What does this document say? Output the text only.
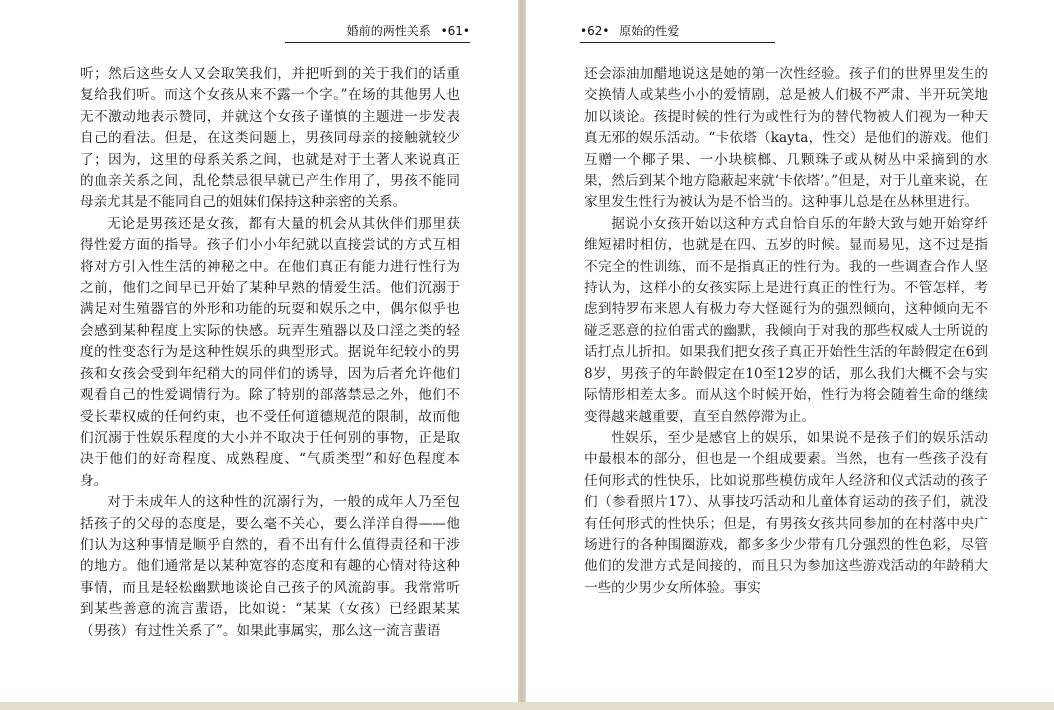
婚前的两性关系 •61•

听；然后这些女人又会取笑我们，并把听到的关于我们的话重复给我们听。而这个女孩从来不露一个字。”在场的其他男人也无不激动地表示赞同，并就这个女孩子谨慎的主题进一步发表自己的看法。但是，在这类问题上，男孩同母亲的接触就较少了；因为，这里的母系关系之间，也就是对于土著人来说真正的血亲关系之间，乱伦禁忌很早就已产生作用了，男孩不能同母亲尤其是不能同自己的姐妹们保持这种亲密的关系。

无论是男孩还是女孩，都有大量的机会从其伙伴们那里获得性爱方面的指导。孩子们小小年纪就以直接尝试的方式互相将对方引入性生活的神秘之中。在他们真正有能力进行性行为之前，他们之间早已开始了某种早熟的情爱生活。他们沉溺于满足对生殖器官的外形和功能的玩耍和娱乐之中，偶尔似乎也会感到某种程度上实际的快感。玩弄生殖器以及口淫之类的轻度的性变态行为是这种性娱乐的典型形式。据说年纪较小的男孩和女孩会受到年纪稍大的同伴们的诱导，因为后者允许他们观看自己的性爱调情行为。除了特别的部落禁忌之外，他们不受长辈权威的任何约束，也不受任何道德规范的限制，故而他们沉溺于性娱乐程度的大小并不取决于任何别的事物，正是取决于他们的好奇程度、成熟程度、“气质类型”和好色程度本身。

对于未成年人的这种性的沉溺行为，一般的成年人乃至包括孩子的父母的态度是，要么毫不关心，要么洋洋自得——他们认为这种事情是顺乎自然的，看不出有什么值得责径和干涉的地方。他们通常是以某种宽容的态度和有趣的心情对待这种事情，而且是轻松幽默地谈论自己孩子的风流韵事。我常常听到某些善意的流言蜚语，比如说：“某某（女孩）已经跟某某（男孩）有过性关系了”。如果此事属实，那么这一流言蜚语

•62• 原始的性爱

还会添油加醋地说这是她的第一次性经验。孩子们的世界里发生的交换情人或某些小小的爱情剧，总是被人们极不严肃、半开玩笑地加以谈论。孩提时候的性行为或性行为的替代物被人们视为一种天真无邪的娱乐活动。“卡依塔（kayta，性交）是他们的游戏。他们互赠一个椰子果、一小块槟榔、几颗珠子或从树丛中采摘到的水果，然后到某个地方隐蔽起来就‘卡依塔’。”但是，对于儿童来说，在家里发生性行为被认为是不恰当的。这种事儿总是在丛林里进行。

据说小女孩开始以这种方式自恰自乐的年龄大致与她开始穿纤维短裙时相仿，也就是在四、五岁的时候。显而易见，这不过是指不完全的性训练，而不是指真正的性行为。我的一些调查合作人坚持认为，这样小的女孩实际上是进行真正的性行为。不管怎样，考虑到特罗布来恩人有极力夸大怪诞行为的强烈倾向，这种倾向无不碰乏恶意的拉伯雷式的幽默，我倾向于对我的那些权威人士所说的话打点儿折扣。如果我们把女孩子真正开始性生活的年龄假定在6到8岁，男孩子的年龄假定在10至12岁的话，那么我们大概不会与实际情形相差太多。而从这个时候开始，性行为将会随着生命的继续变得越来越重要，直至自然停滞为止。

性娱乐，至少是感官上的娱乐，如果说不是孩子们的娱乐活动中最根本的部分，但也是一个组成要素。当然，也有一些孩子没有任何形式的性快乐，比如说那些模仿成年人经济和仪式活动的孩子们（参看照片17）、从事技巧活动和儿童体育运动的孩子们，就没有任何形式的性快乐；但是，有男孩女孩共同参加的在村落中央广场进行的各种围圈游戏，都多多少少带有几分强烈的性色彩，尽管他们的发泄方式是间接的，而且只为参加这些游戏活动的年龄稍大一些的少男少女所体验。事实
